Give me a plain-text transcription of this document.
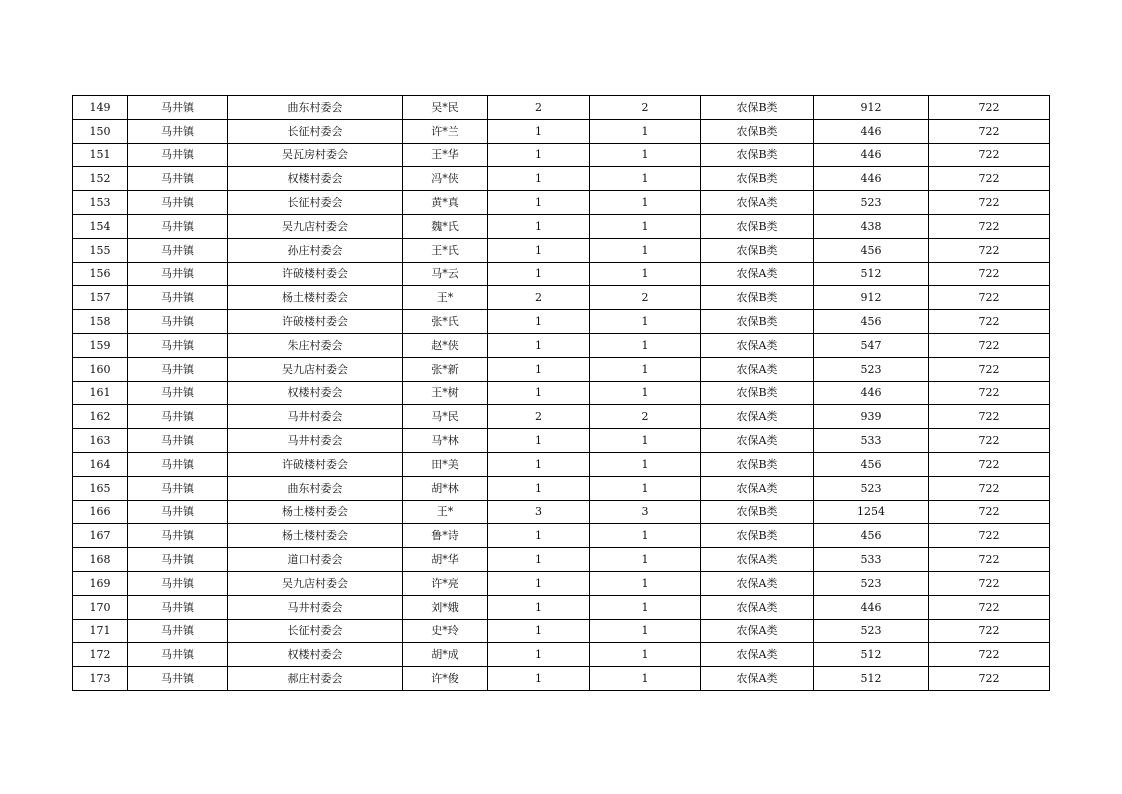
149	马井镇	曲东村委会	吴*民	2	2	农保B类	912	722
150	马井镇	长征村委会	许*兰	1	1	农保B类	446	722
151	马井镇	吴瓦房村委会	王*华	1	1	农保B类	446	722
152	马井镇	权楼村委会	冯*侠	1	1	农保B类	446	722
153	马井镇	长征村委会	黄*真	1	1	农保A类	523	722
154	马井镇	吴九店村委会	魏*氏	1	1	农保B类	438	722
155	马井镇	孙庄村委会	王*氏	1	1	农保B类	456	722
156	马井镇	许破楼村委会	马*云	1	1	农保A类	512	722
157	马井镇	杨土楼村委会	王*	2	2	农保B类	912	722
158	马井镇	许破楼村委会	张*氏	1	1	农保B类	456	722
159	马井镇	朱庄村委会	赵*侠	1	1	农保A类	547	722
160	马井镇	吴九店村委会	张*新	1	1	农保A类	523	722
161	马井镇	权楼村委会	王*树	1	1	农保B类	446	722
162	马井镇	马井村委会	马*民	2	2	农保A类	939	722
163	马井镇	马井村委会	马*林	1	1	农保A类	533	722
164	马井镇	许破楼村委会	田*美	1	1	农保B类	456	722
165	马井镇	曲东村委会	胡*林	1	1	农保A类	523	722
166	马井镇	杨土楼村委会	王*	3	3	农保B类	1254	722
167	马井镇	杨土楼村委会	鲁*诗	1	1	农保B类	456	722
168	马井镇	道口村委会	胡*华	1	1	农保A类	533	722
169	马井镇	吴九店村委会	许*亮	1	1	农保A类	523	722
170	马井镇	马井村委会	刘*娥	1	1	农保A类	446	722
171	马井镇	长征村委会	史*玲	1	1	农保A类	523	722
172	马井镇	权楼村委会	胡*成	1	1	农保A类	512	722
173	马井镇	郝庄村委会	许*俊	1	1	农保A类	512	722
